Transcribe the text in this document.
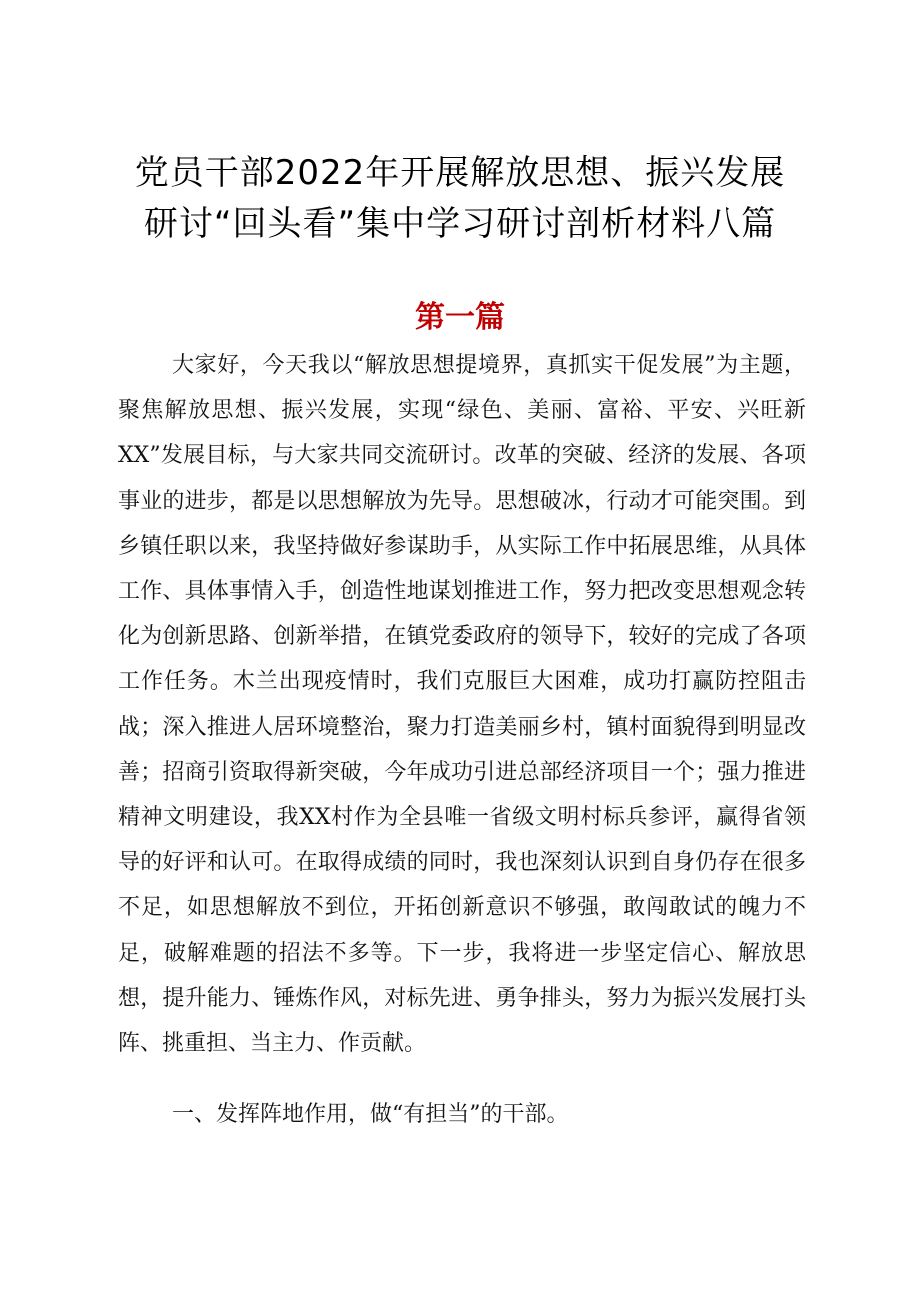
党员干部2022年开展解放思想、振兴发展研讨“回头看”集中学习研讨剖析材料八篇
第一篇

大家好，今天我以“解放思想提境界，真抓实干促发展”为主题，聚焦解放思想、振兴发展，实现“绿色、美丽、富裕、平安、兴旺新XX”发展目标，与大家共同交流研讨。改革的突破、经济的发展、各项事业的进步，都是以思想解放为先导。思想破冰，行动才可能突围。到乡镇任职以来，我坚持做好参谋助手，从实际工作中拓展思维，从具体工作、具体事情入手，创造性地谋划推进工作，努力把改变思想观念转化为创新思路、创新举措，在镇党委政府的领导下，较好的完成了各项工作任务。木兰出现疫情时，我们克服巨大困难，成功打赢防控阻击战；深入推进人居环境整治，聚力打造美丽乡村，镇村面貌得到明显改善；招商引资取得新突破，今年成功引进总部经济项目一个；强力推进精神文明建设，我XX村作为全县唯一省级文明村标兵参评，赢得省领导的好评和认可。在取得成绩的同时，我也深刻认识到自身仍存在很多不足，如思想解放不到位，开拓创新意识不够强，敢闯敢试的魄力不足，破解难题的招法不多等。下一步，我将进一步坚定信心、解放思想，提升能力、锤炼作风，对标先进、勇争排头，努力为振兴发展打头阵、挑重担、当主力、作贡献。

一、发挥阵地作用，做“有担当”的干部。
